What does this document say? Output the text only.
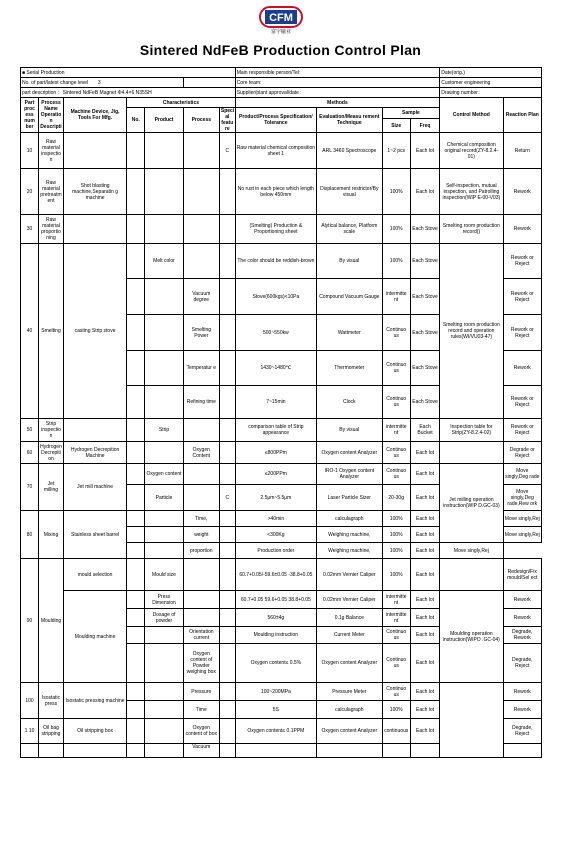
CFM
富宇磁业
Sintered NdFeB Production Control Plan
■ Serial Production							Main responsible person/Tel:				Date(orig.)	
No. of part/latest change level 3							Core team:				Customer engineering	
part description ：Sintered NdFeB Magnet Φ4.4×6 N35SH							Supplier/plant approval/date：				Drawing number：	
Part proc ess num ber	Process Name Operatio n Descripti	Machine Device, Jig, Tools For Mfg.	Characteristics				Methods				Control Method	Reaction Plan
			No.	Product	Process	Speci al featu re	Product/Process Specification/ Tolerance	Evaluation/Measu rement Technique	Sample			
									Size	Freq		
10	Raw material inspectio n					C	Raw material chemical composition sheet 1	ARL 3460 Spectroscope	1~2 pcs	Each lot	Chemical composition original record(ZY-8.2.4-01)	Return
20	Raw material pretreatm ent	Shot blasting machine,Separatin g machine					No rust in each piece which length below 450mm	Displacement restrictor/By visual	100%	Each lot	Self-inspection, mutual inspection, and Patrolling inspection(WIP E-00-V03)	Rework
30	Raw material proportio ning						(Smelting) Production & Proportioning sheet	Alytical balance, Platform scale	100%	Each Stove	Smelting room production record()	Rework
40	Smelting	casting Strip stove		Melt color			The color should be reddish-brown	By visual	100%	Each Stove	Smelting room production record and operation rules(WI/VU03-47)	Rework or Reject
					Vacuum degree		Stove(600kgs)<10Pa	Compound Vacuum Gauge	intermitte nt	Each Stove		Rework or Reject
					Smelting Power		500~550kw	Wattmeter	Continuo us	Each Stove		Rework or Reject
					Temperatur e		1430~1480℃	Thermometer	Continuo us	Each Stove		Rework
					Refining time		7~15min	Clock	Continuo us	Each Stove		Rework or Reject
50	Strip inspectio n			Strip			comparison table of Strip appearance	By visual	intermitte nt	Each Bucket	Inspection table for Strip(ZY-8.2.4-02)	Rework or Reject
60	Hydrogen Decrepiti on	Hydrogen Decrepition Machine			Oxygen Content		≤800PPm	Oxygen content Analyzer	Continuo us	Each lot		Degrade or Reject
70	Jet milling	Jet mill machine		Oxygen content			≤200PPm	IRO-1 Oxygen content Analyzer	Continuo us	Each lot	Jet milling operation instruction(WIP D.GC-03)	Move singly,Deg rade
				Particle		C	2.5μm~5.5μm	Laser Particle Sizer	20-30g	Each lot		Move singly,Deg rade,Rew ork
80	Mixing	Stainless sheet barrel			Time,		>40min	calculagraph	100%	Each lot		Move singly,Rej
					weight		<300Kg	Weighing machine,	100%	Each lot		Move singly,Rej
					proportion		Production order	Weighing machine,	100%	Each lot	Move singly,Rej	
90	Moulding	mould selection		Mould size			60.7+0.05/-59.6±0.05 -38.8+0.05	0.02mm Vernier Caliper	100%	Each lot		Redesign/Fix mould/Sel ect
		Moulding machine		Press Dimension			60.7+0.05 59.6+0.05 38.8+0.05	0.02mm Vernier Caliper	intermitte nt	Each lot	Moulding operation instruction(WIPO .GC-04)	Rework
				Dosage of powder			560±4g	0.1g Balance	intermitte nt	Each lot		Rework
					Orientation current		Moulding instruction	Current Meter	Continuo us	Each lot		Degrade, Rework
					Oxygen content of Powder weighing box		Oxygen content≤ 0.5%	Oxygen content Analyzer	Continuo us	Each lot		Degrade, Reject
100	Isostatic press	Isostatic pressing machine			Pressure		100~200MPa	Pressure Meter	Continuo us	Each lot		Rework
					Time		5S	calculagraph	100%	Each lot		Rework
1 10	Oil bag stripping	Oil stripping box			Oxygen content of box		Oxygen content≤ 0.1PPM	Oxygen content Analyzer	continuous	Each lot		Degrade, Reject
					Vacuum							
